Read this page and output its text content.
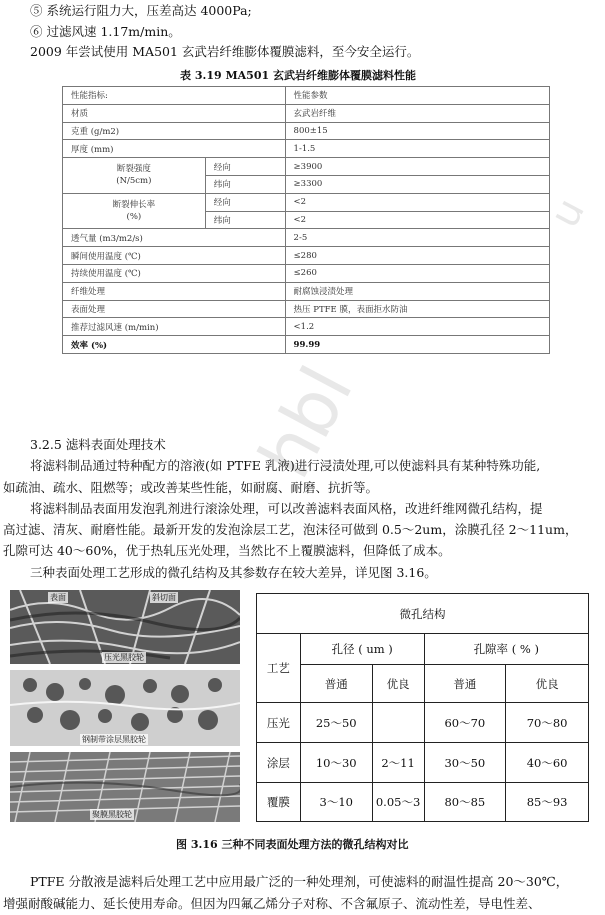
hbl
u
⑤ 系统运行阻力大，压差高达 4000Pa;
⑥ 过滤风速 1.17m/min。
2009 年尝试使用 MA501 玄武岩纤维膨体覆膜滤料，至今安全运行。
表 3.19 MA501 玄武岩纤维膨体覆膜滤料性能
性能指标:		性能参数
材质		玄武岩纤维
克重 (g/m2)		800±15
厚度 (mm)		1-1.5
断裂强度
(N/5cm)	经向	≥3900
	纬向	≥3300
断裂伸长率
(%)	经向	<2
	纬向	<2
透气量 (m3/m2/s)		2-5
瞬间使用温度 (℃)		≤280
持续使用温度 (℃)		≤260
纤维处理		耐腐蚀浸渍处理
表面处理		热压 PTFE 膜，表面拒水防油
推荐过滤风速 (m/min)		<1.2
效率 (%)		99.99
3.2.5 滤料表面处理技术
将滤料制品通过特种配方的溶液(如 PTFE 乳液)进行浸渍处理,可以使滤料具有某种特殊功能,
如疏油、疏水、阻燃等；或改善某些性能，如耐腐、耐磨、抗折等。
将滤料制品表面用发泡乳剂进行滚涂处理，可以改善滤料表面风格，改进纤维网微孔结构，提
高过滤、清灰、耐磨性能。最新开发的发泡涂层工艺，泡沫径可做到 0.5～2um，涂膜孔径 2～11um，
孔隙可达 40～60%，优于热轧压光处理，当然比不上覆膜滤料，但降低了成本。
三种表面处理工艺形成的微孔结构及其参数存在较大差异，详见图 3.16。
表面	斜切面
压光黑胶轮
钢制带涂层黑胶轮
聚膜黑胶轮
微孔结构				
工艺	孔径 ( um )		孔隙率 ( % )	
	普通	优良	普通	优良
压光	25～50		60～70	70～80
涂层	10～30	2～11	30～50	40～60
覆膜	3～10	0.05～3	80～85	85～93
图 3.16 三种不同表面处理方法的微孔结构对比
PTFE 分散液是滤料后处理工艺中应用最广泛的一种处理剂，可使滤料的耐温性提高 20～30℃，
增强耐酸碱能力、延长使用寿命。但因为四氟乙烯分子对称、不含氟原子、流动性差，导电性差、
